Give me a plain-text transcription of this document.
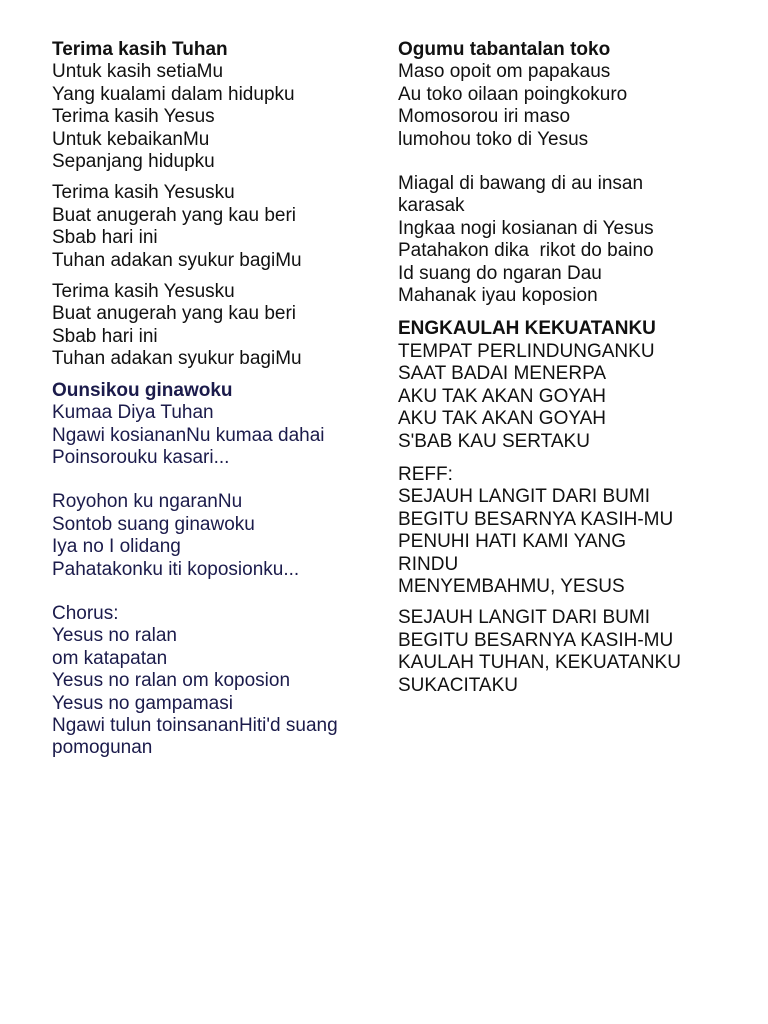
Terima kasih Tuhan
Untuk kasih setiaMu
Yang kualami dalam hidupku
Terima kasih Yesus
Untuk kebaikanMu
Sepanjang hidupku
Terima kasih Yesusku
Buat anugerah yang kau beri
Sbab hari ini
Tuhan adakan syukur bagiMu
Terima kasih Yesusku
Buat anugerah yang kau beri
Sbab hari ini
Tuhan adakan syukur bagiMu
Ounsikou ginawoku
Kumaa Diya Tuhan
Ngawi kosiananNu kumaa dahai
Poinsorouku kasari...
Royohon ku ngaranNu
Sontob suang ginawoku
Iya no I olidang
Pahatakonku iti koposionku...
Chorus:
Yesus no ralan
om katapatan
Yesus no ralan om koposion
Yesus no gampamasi
Ngawi tulun toinsananHiti'd suang pomogunan
Ogumu tabantalan toko
Maso opoit om papakaus
Au toko oilaan poingkokuro
Momosorou iri maso
lumohou toko di Yesus
Miagal di bawang di au insan karasak
Ingkaa nogi kosianan di Yesus
Patahakon dika  rikot do baino
Id suang do ngaran Dau
Mahanak iyau koposion
ENGKAULAH KEKUATANKU
TEMPAT PERLINDUNGANKU
SAAT BADAI MENERPA
AKU TAK AKAN GOYAH
AKU TAK AKAN GOYAH
S'BAB KAU SERTAKU
REFF:
SEJAUH LANGIT DARI BUMI
BEGITU BESARNYA KASIH-MU
PENUHI HATI KAMI YANG RINDU
MENYEMBAHMU, YESUS
SEJAUH LANGIT DARI BUMI
BEGITU BESARNYA KASIH-MU
KAULAH TUHAN, KEKUATANKU
SUKACITAKU
